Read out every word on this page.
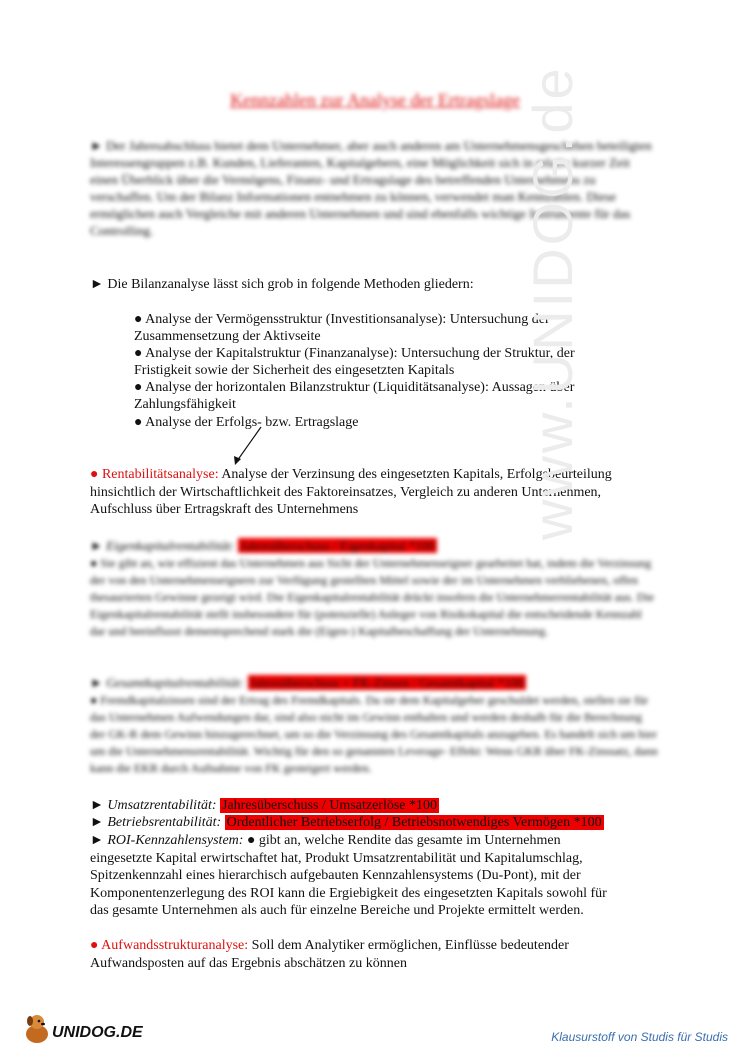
Kennzahlen zur Analyse der Ertragslage
► Der Jahresabschluss bietet dem Unternehmer, aber auch anderen am Unternehmensgeschehen beteiligten Interessengruppen z.B. Kunden, Lieferanten, Kapitalgebern, eine Möglichkeit sich in relativ kurzer Zeit einen Überblick über die Vermögens, Finanz- und Ertragslage des betreffenden Unternehmens zu verschaffen. Um der Bilanz Informationen entnehmen zu können, verwendet man Kennzahlen. Diese ermöglichen auch Vergleiche mit anderen Unternehmen und sind ebenfalls wichtige Instrumente für das Controlling.
► Die Bilanzanalyse lässt sich grob in folgende Methoden gliedern:
● Analyse der Vermögensstruktur (Investitionsanalyse): Untersuchung der
Zusammensetzung der Aktivseite
● Analyse der Kapitalstruktur (Finanzanalyse): Untersuchung der Struktur, der
Fristigkeit sowie der Sicherheit des eingesetzten Kapitals
● Analyse der horizontalen Bilanzstruktur (Liquiditätsanalyse): Aussagen über
Zahlungsfähigkeit
● Analyse der Erfolgs- bzw. Ertragslage
● Rentabilitätsanalyse: Analyse der Verzinsung des eingesetzten Kapitals, Erfolgsbeurteilung
hinsichtlich der Wirtschaftlichkeit des Faktoreinsatzes, Vergleich zu anderen Unternehmen,
Aufschluss über Ertragskraft des Unternehmens
► Eigenkapitalrentabilität: Jahresüberschuss / Eigenkapital *100
● Sie gibt an, wie effizient das Unternehmen aus Sicht der Unternehmenseigner gearbeitet hat, indem die Verzinsung der von den Unternehmenseignern zur Verfügung gestellten Mittel sowie der im Unternehmen verbliebenen, offen thesaurierten Gewinne gezeigt wird. Die Eigenkapitalrentabilität drückt insofern die Unternehmerrentabilität aus. Die Eigenkapitalrentabilität stellt insbesondere für (potenzielle) Anleger von Risikokapital die entscheidende Kennzahl dar und beeinflusst dementsprechend stark die (Eigen-) Kapitalbeschaffung der Unternehmung.
► Gesamtkapitalrentabilität: Jahresüberschuss + FK-Zinsen / Gesamtkapital *100
● Fremdkapitalzinsen sind der Ertrag des Fremdkapitals. Da sie dem Kapitalgeber geschuldet werden, stellen sie für das Unternehmen Aufwendungen dar, sind also nicht im Gewinn enthalten und werden deshalb für die Berechnung der GK-R dem Gewinn hinzugerechnet, um so die Verzinsung des Gesamtkapitals anzugeben. Es handelt sich um hier um die Unternehmensrentabilität. Wichtig für den so genannten Leverage- Effekt: Wenn GKR über FK-Zinssatz, dann kann die EKR durch Aufnahme von FK gesteigert werden.
► Umsatzrentabilität: Jahresüberschuss / Umsatzerlöse *100
► Betriebsrentabilität: Ordentlicher Betriebserfolg / Betriebsnotwendiges Vermögen *100
► ROI-Kennzahlensystem: ● gibt an, welche Rendite das gesamte im Unternehmen
eingesetzte Kapital erwirtschaftet hat, Produkt Umsatzrentabilität und Kapitalumschlag,
Spitzenkennzahl eines hierarchisch aufgebauten Kennzahlensystems (Du-Pont), mit der
Komponentenzerlegung des ROI kann die Ergiebigkeit des eingesetzten Kapitals sowohl für
das gesamte Unternehmen als auch für einzelne Bereiche und Projekte ermittelt werden.
● Aufwandsstrukturanalyse: Soll dem Analytiker ermöglichen, Einflüsse bedeutender
Aufwandsposten auf das Ergebnis abschätzen zu können
www.UNIDOG.de
UNIDOG.DE	Klausurstoff von Studis für Studis
